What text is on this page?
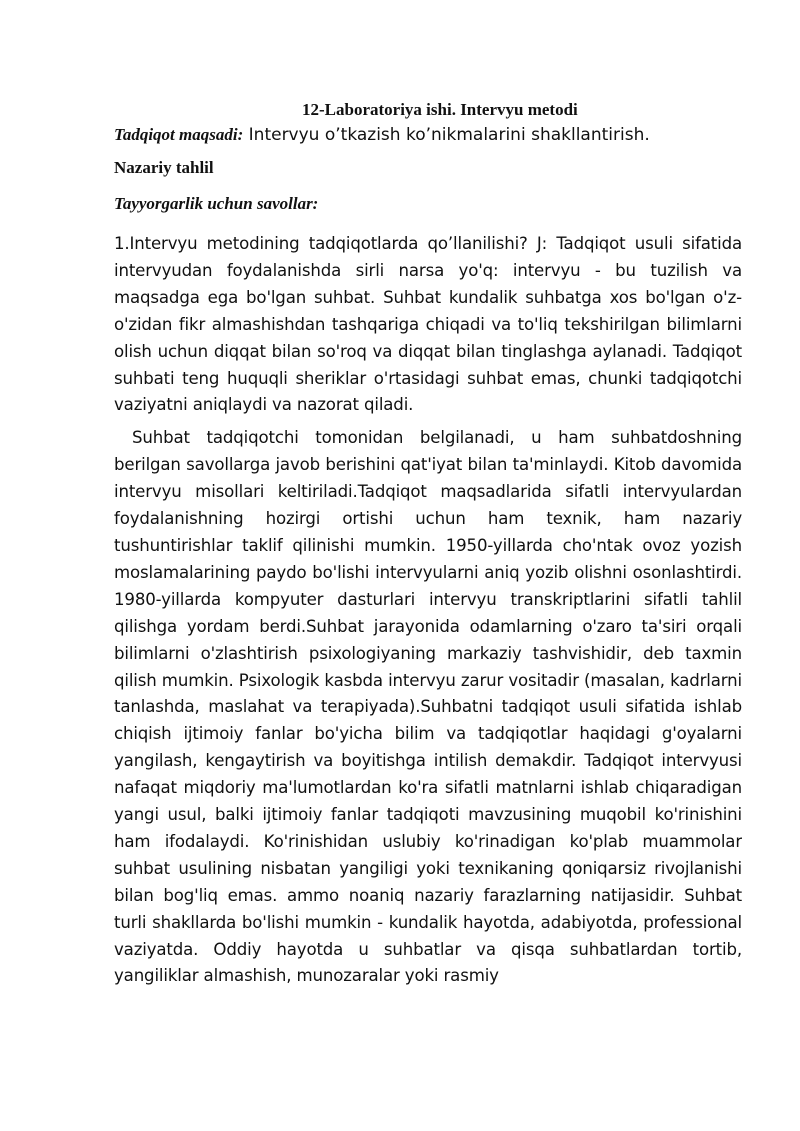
12-Laboratoriya ishi. Intervyu metodi
Tadqiqot maqsadi: Intervyu o’tkazish ko’nikmalarini shakllantirish.
Nazariy tahlil
Tayyorgarlik uchun savollar:

1.Intervyu metodining tadqiqotlarda qo’llanilishi? J: Tadqiqot usuli sifatida intervyudan foydalanishda sirli narsa yo'q: intervyu - bu tuzilish va maqsadga ega bo'lgan suhbat. Suhbat kundalik suhbatga xos bo'lgan o'z-o'zidan fikr almashishdan tashqariga chiqadi va to'liq tekshirilgan bilimlarni olish uchun diqqat bilan so'roq va diqqat bilan tinglashga aylanadi. Tadqiqot suhbati teng huquqli sheriklar o'rtasidagi suhbat emas, chunki tadqiqotchi vaziyatni aniqlaydi va nazorat qiladi.

Suhbat tadqiqotchi tomonidan belgilanadi, u ham suhbatdoshning berilgan savollarga javob berishini qat'iyat bilan ta'minlaydi. Kitob davomida intervyu misollari keltiriladi.Tadqiqot maqsadlarida sifatli intervyulardan foydalanishning hozirgi ortishi uchun ham texnik, ham nazariy tushuntirishlar taklif qilinishi mumkin. 1950-yillarda cho'ntak ovoz yozish moslamalarining paydo bo'lishi intervyularni aniq yozib olishni osonlashtirdi. 1980-yillarda kompyuter dasturlari intervyu transkriptlarini sifatli tahlil qilishga yordam berdi.Suhbat jarayonida odamlarning o'zaro ta'siri orqali bilimlarni o'zlashtirish psixologiyaning markaziy tashvishidir, deb taxmin qilish mumkin. Psixologik kasbda intervyu zarur vositadir (masalan, kadrlarni tanlashda, maslahat va terapiyada).Suhbatni tadqiqot usuli sifatida ishlab chiqish ijtimoiy fanlar bo'yicha bilim va tadqiqotlar haqidagi g'oyalarni yangilash, kengaytirish va boyitishga intilish demakdir. Tadqiqot intervyusi nafaqat miqdoriy ma'lumotlardan ko'ra sifatli matnlarni ishlab chiqaradigan yangi usul, balki ijtimoiy fanlar tadqiqoti mavzusining muqobil ko'rinishini ham ifodalaydi. Ko'rinishidan uslubiy ko'rinadigan ko'plab muammolar suhbat usulining nisbatan yangiligi yoki texnikaning qoniqarsiz rivojlanishi bilan bog'liq emas. ammo noaniq nazariy farazlarning natijasidir. Suhbat turli shakllarda bo'lishi mumkin - kundalik hayotda, adabiyotda, professional vaziyatda. Oddiy hayotda u suhbatlar va qisqa suhbatlardan tortib, yangiliklar almashish, munozaralar yoki rasmiy
